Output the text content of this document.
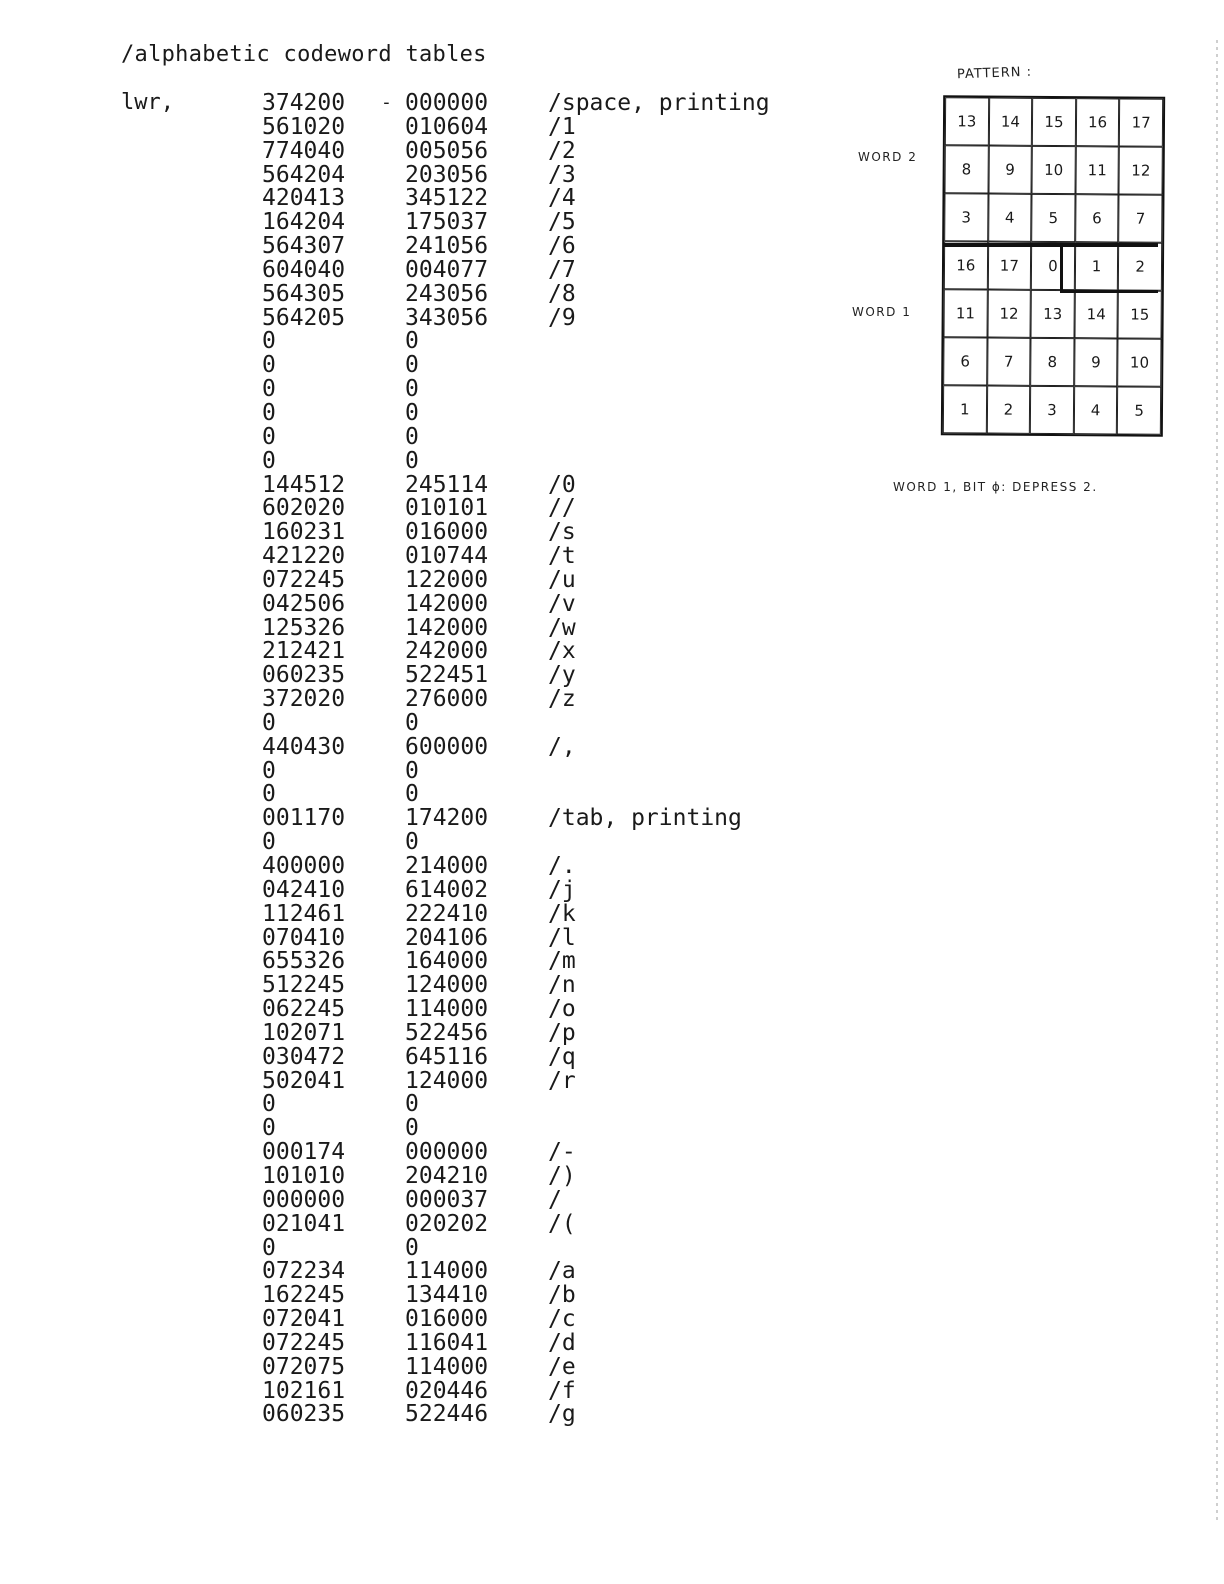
/alphabetic codeword tables
lwr,	-
374200	000000	/space, printing
561020	010604	/1
774040	005056	/2
564204	203056	/3
420413	345122	/4
164204	175037	/5
564307	241056	/6
604040	004077	/7
564305	243056	/8
564205	343056	/9
0	0
0	0
0	0
0	0
0	0
0	0
144512	245114	/0
602020	010101	//
160231	016000	/s
421220	010744	/t
072245	122000	/u
042506	142000	/v
125326	142000	/w
212421	242000	/x
060235	522451	/y
372020	276000	/z
0	0
440430	600000	/,
0	0
0	0
001170	174200	/tab, printing
0	0
400000	214000	/.
042410	614002	/j
112461	222410	/k
070410	204106	/l
655326	164000	/m
512245	124000	/n
062245	114000	/o
102071	522456	/p
030472	645116	/q
502041	124000	/r
0	0
0	0
000174	000000	/-
101010	204210	/)
000000	000037	/
021041	020202	/(
0	0
072234	114000	/a
162245	134410	/b
072041	016000	/c
072245	116041	/d
072075	114000	/e
102161	020446	/f
060235	522446	/g
PATTERN :
WORD 2
WORD 1
13	14	15	16	17
8	9	10	11	12
3	4	5	6	7
16	17	0	1	2
11	12	13	14	15
6	7	8	9	10
1	2	3	4	5
WORD 1, BIT ϕ: DEPRESS 2.
